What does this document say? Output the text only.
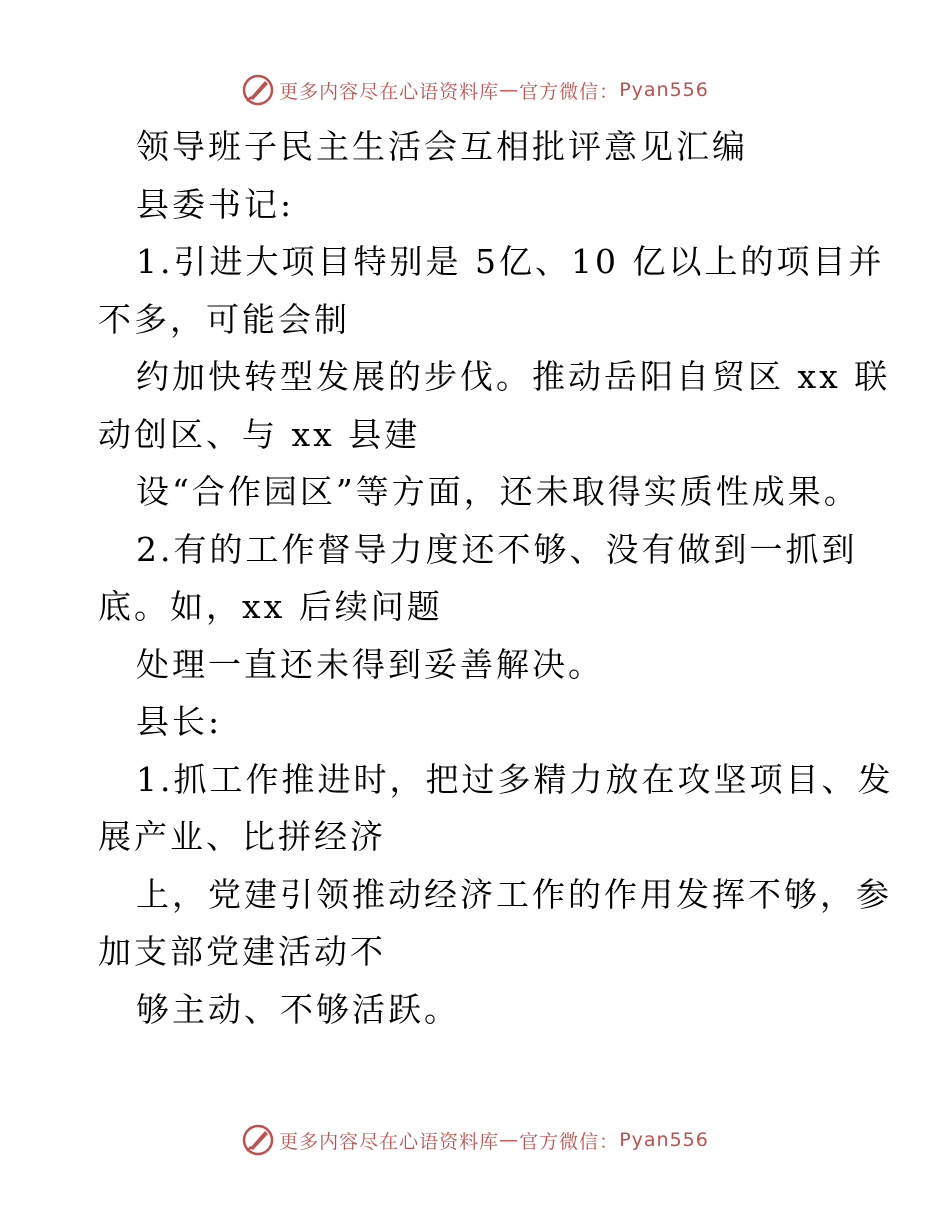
更多内容尽在心语资料库 — 官方微信： Pyan556
领导班子民主生活会互相批评意见汇编
县委书记:
1.引进大项目特别是 5亿、10 亿以上的项目并
不多，可能会制
约加快转型发展的步伐。推动岳阳自贸区 xx 联
动创区、与 xx 县建
设“合作园区”等方面，还未取得实质性成果。
2.有的工作督导力度还不够、没有做到一抓到
底。如，xx 后续问题
处理一直还未得到妥善解决。
县长:
1.抓工作推进时，把过多精力放在攻坚项目、发
展产业、比拼经济
上，党建引领推动经济工作的作用发挥不够，参
加支部党建活动不
够主动、不够活跃。
更多内容尽在心语资料库 — 官方微信： Pyan556
